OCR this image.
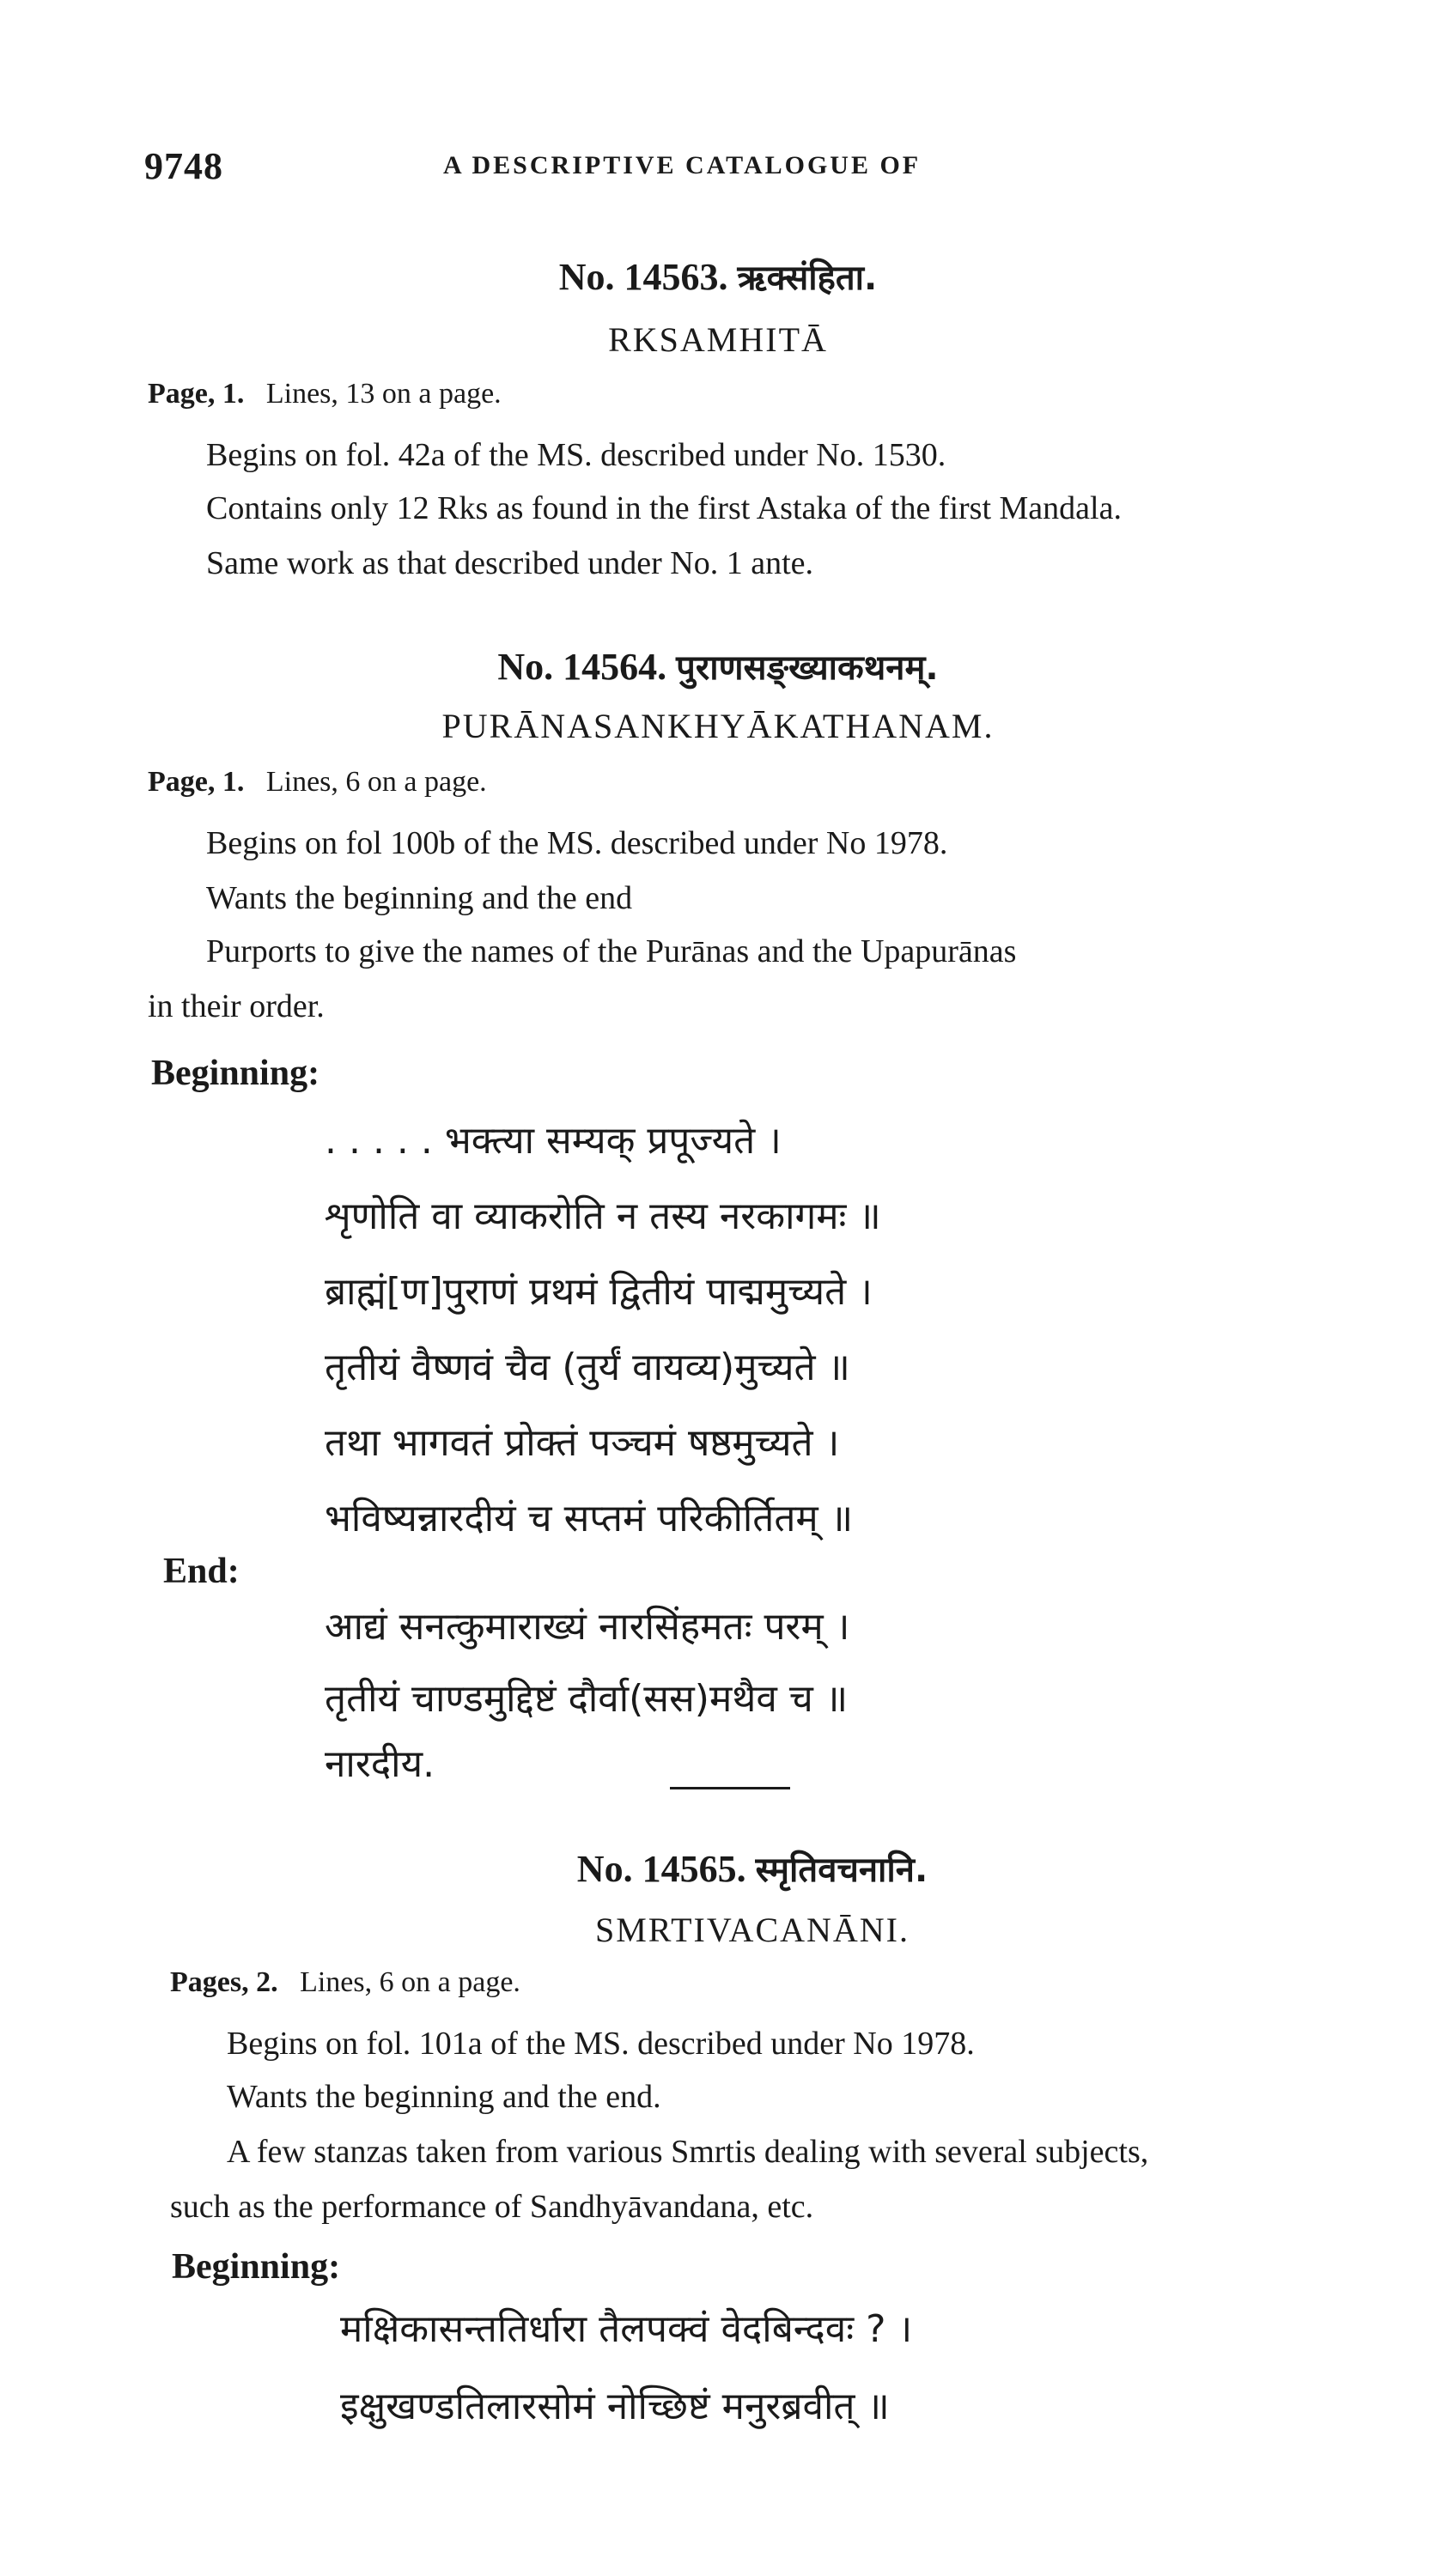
9748	A DESCRIPTIVE CATALOGUE OF
No. 14563. ऋक्संहिता.
RKSAMHITĀ
Page, 1. Lines, 13 on a page.
Begins on fol. 42a of the MS. described under No. 1530.
Contains only 12 Rks as found in the first Astaka of the first Mandala.
Same work as that described under No. 1 ante.
No. 14564. पुराणसङ्ख्याकथनम्.
PURĀNASANKHYĀKATHANAM.
Page, 1. Lines, 6 on a page.
Begins on fol 100b of the MS. described under No 1978.
Wants the beginning and the end
Purports to give the names of the Purānas and the Upapurānas
in their order.
Beginning:
. . . . . भक्त्या सम्यक् प्रपूज्यते ।
शृणोति वा व्याकरोति न तस्य नरकागमः ॥
ब्राह्मं[ण]पुराणं प्रथमं द्वितीयं पाद्ममुच्यते ।
तृतीयं वैष्णवं चैव (तुर्यं वायव्य)मुच्यते ॥
तथा भागवतं प्रोक्तं पञ्चमं षष्ठमुच्यते ।
भविष्यन्नारदीयं च सप्तमं परिकीर्तितम् ॥
End:
आद्यं सनत्कुमाराख्यं नारसिंहमतः परम् ।
तृतीयं चाण्डमुद्दिष्टं दौर्वा(सस)मथैव च ॥
नारदीय.
No. 14565. स्मृतिवचनानि.
SMRTIVACANĀNI.
Pages, 2. Lines, 6 on a page.
Begins on fol. 101a of the MS. described under No 1978.
Wants the beginning and the end.
A few stanzas taken from various Smrtis dealing with several subjects,
such as the performance of Sandhyāvandana, etc.
Beginning:
मक्षिकासन्ततिर्धारा तैलपक्वं वेदबिन्दवः ? ।
इक्षुखण्डतिलारसोमं नोच्छिष्टं मनुरब्रवीत् ॥
